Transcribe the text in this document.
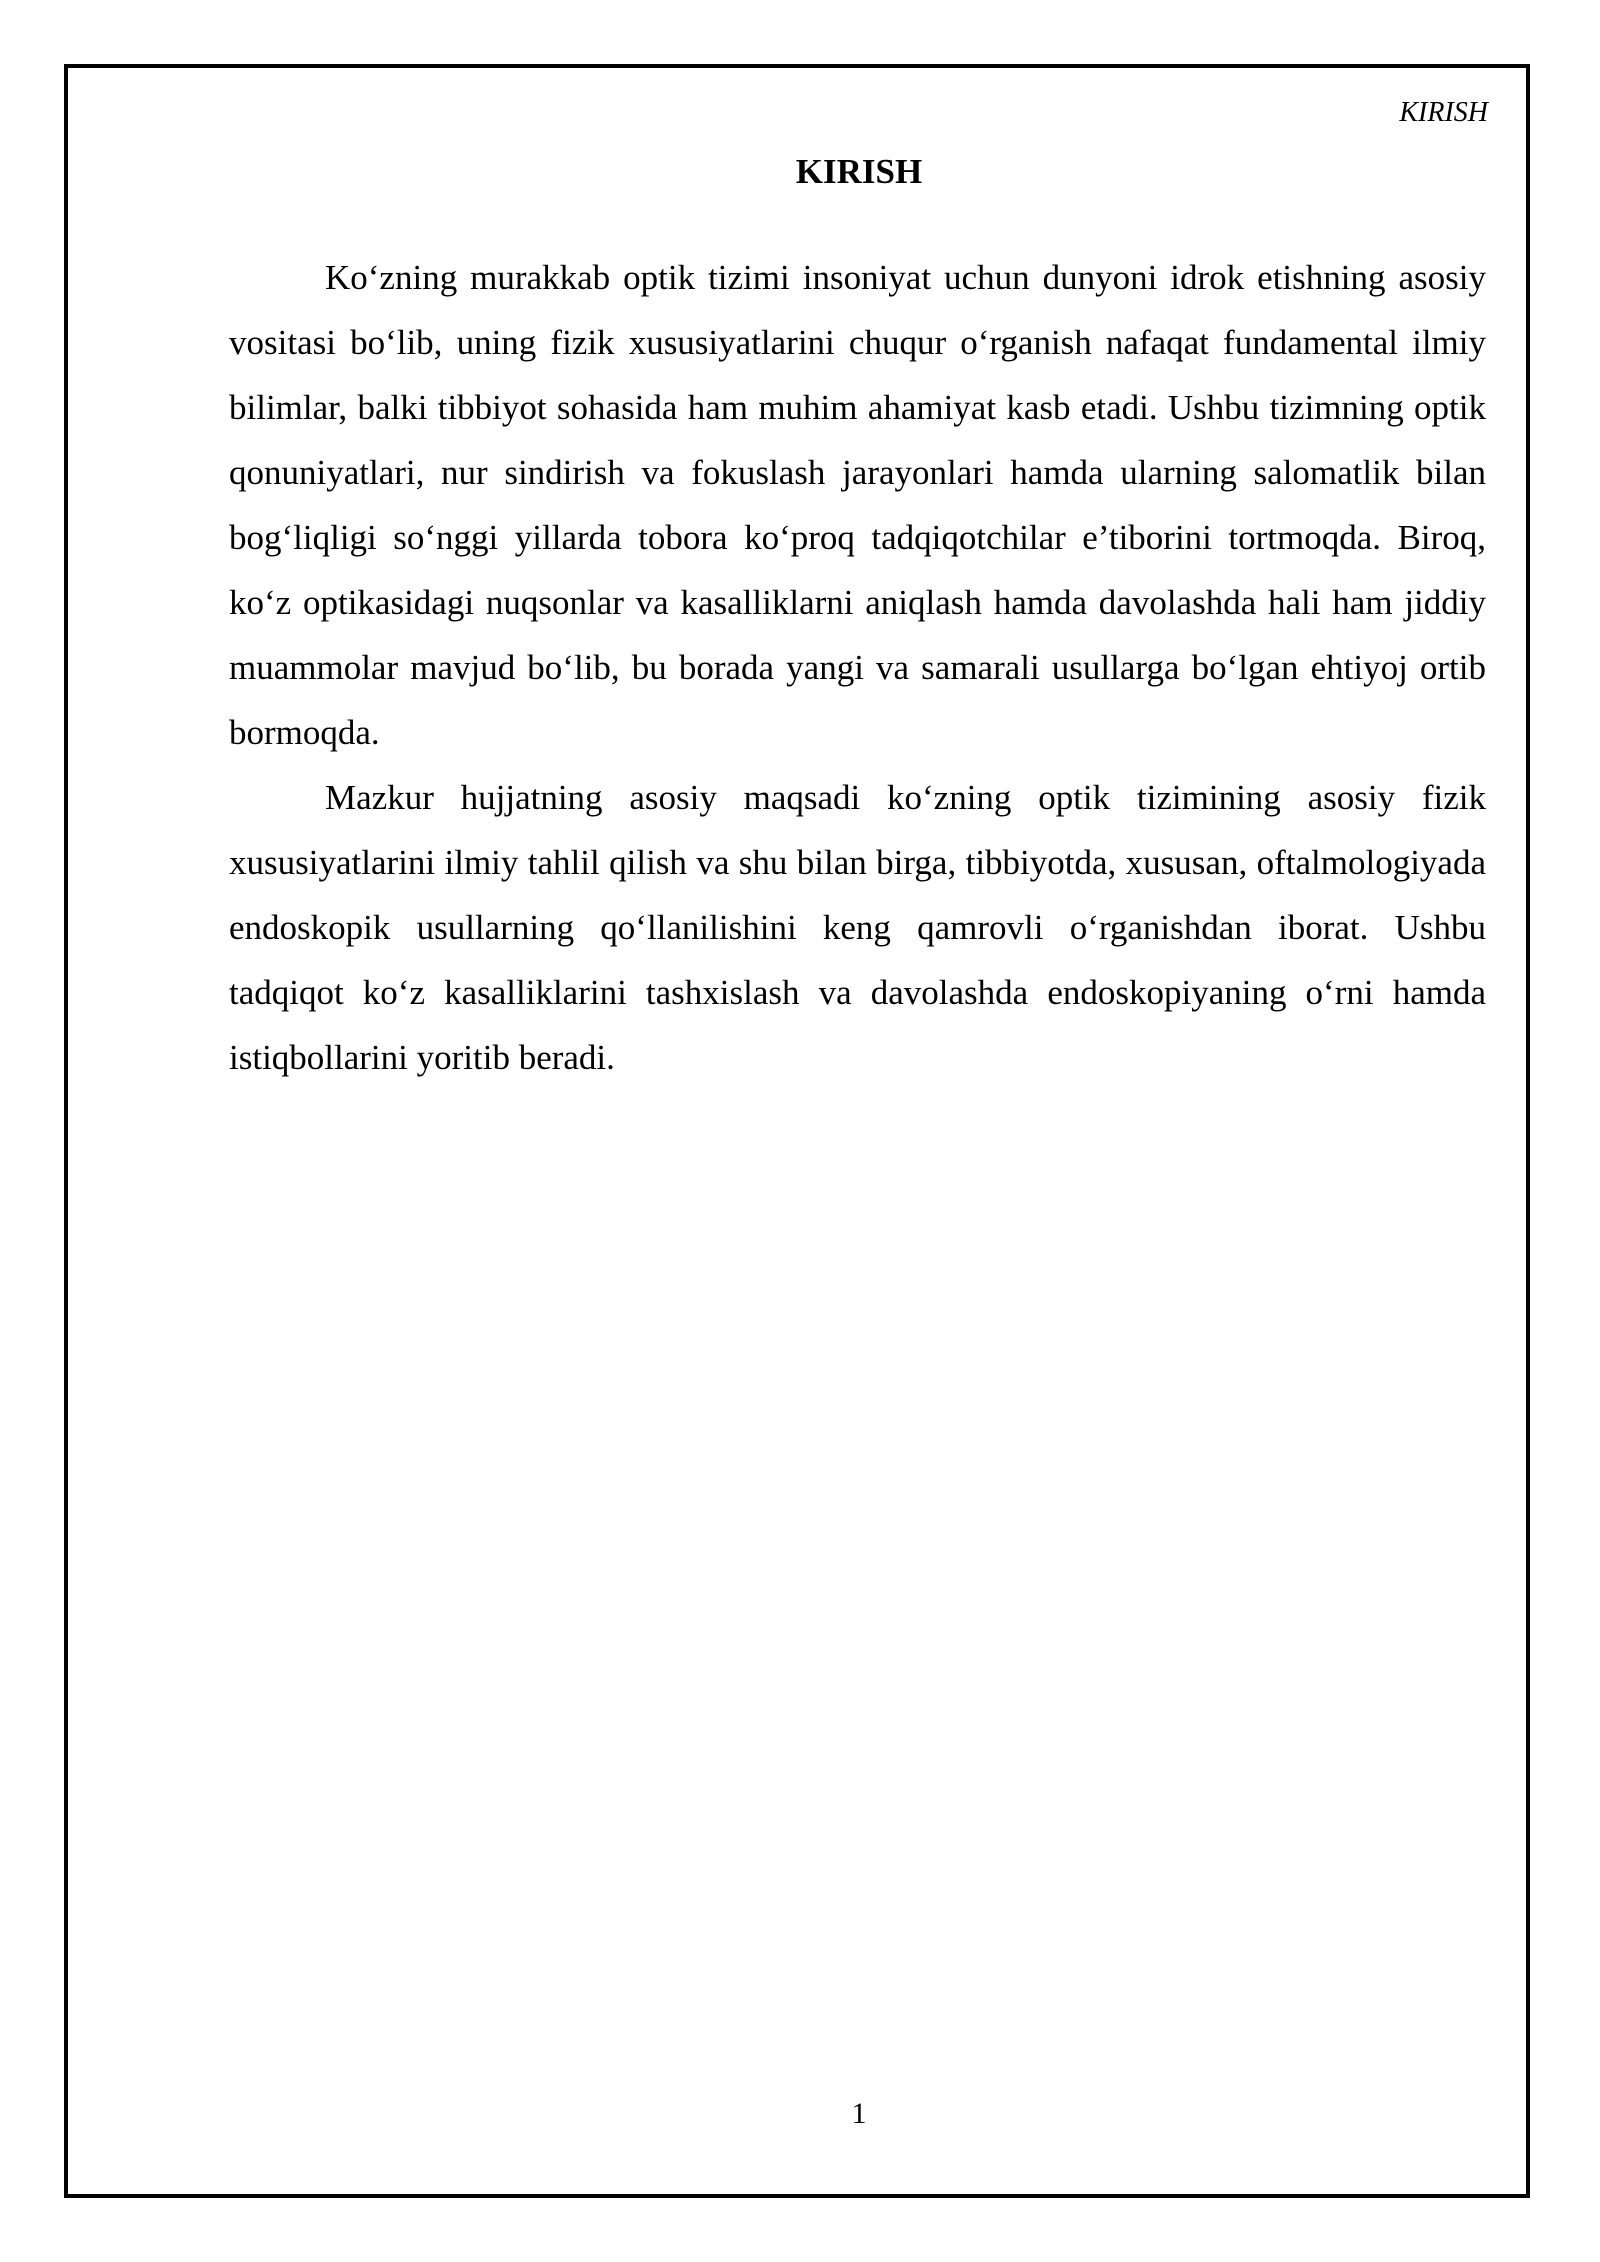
KIRISH
KIRISH

Ko‘zning murakkab optik tizimi insoniyat uchun dunyoni idrok etishning asosiy vositasi bo‘lib, uning fizik xususiyatlarini chuqur o‘rganish nafaqat fundamental ilmiy bilimlar, balki tibbiyot sohasida ham muhim ahamiyat kasb etadi. Ushbu tizimning optik qonuniyatlari, nur sindirish va fokuslash jarayonlari hamda ularning salomatlik bilan bog‘liqligi so‘nggi yillarda tobora ko‘proq tadqiqotchilar e’tiborini tortmoqda. Biroq, ko‘z optikasidagi nuqsonlar va kasalliklarni aniqlash hamda davolashda hali ham jiddiy muammolar mavjud bo‘lib, bu borada yangi va samarali usullarga bo‘lgan ehtiyoj ortib bormoqda.

Mazkur hujjatning asosiy maqsadi ko‘zning optik tizimining asosiy fizik xususiyatlarini ilmiy tahlil qilish va shu bilan birga, tibbiyotda, xususan, oftalmologiyada endoskopik usullarning qo‘llanilishini keng qamrovli o‘rganishdan iborat. Ushbu tadqiqot ko‘z kasalliklarini tashxislash va davolashda endoskopiyaning o‘rni hamda istiqbollarini yoritib beradi.

1
